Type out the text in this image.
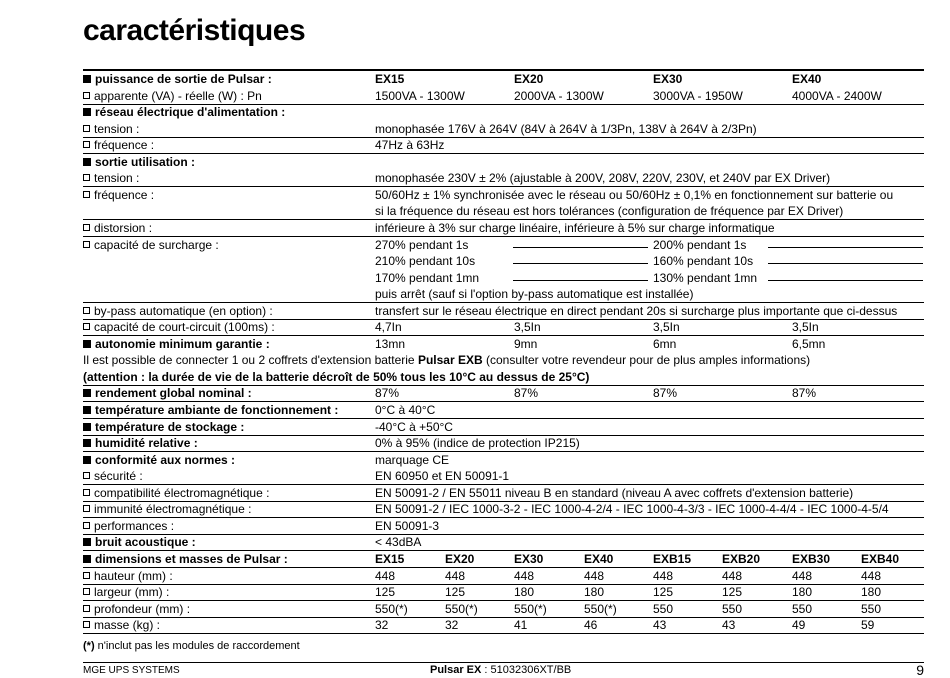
caractéristiques
puissance de sortie de Pulsar :	EX15	EX20	EX30	EX40
apparente (VA) - réelle (W) : Pn	1500VA - 1300W	2000VA - 1300W	3000VA - 1950W	4000VA - 2400W
réseau électrique d'alimentation :
tension :	monophasée 176V à 264V (84V à 264V à 1/3Pn, 138V à 264V à 2/3Pn)
fréquence :	47Hz à 63Hz
sortie utilisation :
tension :	monophasée 230V ± 2% (ajustable à 200V, 208V, 220V, 230V, et 240V par EX Driver)
fréquence :	50/60Hz ± 1% synchronisée avec le réseau ou 50/60Hz ± 0,1% en fonctionnement sur batterie ou
si la fréquence du réseau est hors tolérances (configuration de fréquence par EX Driver)
distorsion :	inférieure à 3% sur charge linéaire, inférieure à 5% sur charge informatique
capacité de surcharge :	270% pendant 1s	200% pendant 1s
210% pendant 10s	160% pendant 10s
170% pendant 1mn	130% pendant 1mn
puis arrêt (sauf si l'option by-pass automatique est installée)
by-pass automatique (en option) :	transfert sur le réseau électrique en direct pendant 20s si surcharge plus importante que ci-dessus
capacité de court-circuit (100ms) :	4,7In	3,5In	3,5In	3,5In
autonomie minimum garantie :	13mn	9mn	6mn	6,5mn
Il est possible de connecter 1 ou 2 coffrets d'extension batterie Pulsar EXB (consulter votre revendeur pour de plus amples informations)
(attention : la durée de vie de la batterie décroît de 50% tous les 10°C au dessus de 25°C)
rendement global nominal :	87%	87%	87%	87%
température ambiante de fonctionnement :	0°C à 40°C
température de stockage :	-40°C à +50°C
humidité relative :	0% à 95% (indice de protection IP215)
conformité aux normes :	marquage CE
sécurité :	EN 60950 et EN 50091-1
compatibilité électromagnétique :	EN 50091-2 / EN 55011 niveau B en standard (niveau A avec coffrets d'extension batterie)
immunité électromagnétique :	EN 50091-2 / IEC 1000-3-2 - IEC 1000-4-2/4 - IEC 1000-4-3/3 - IEC 1000-4-4/4 - IEC 1000-4-5/4
performances :	EN 50091-3
bruit acoustique :	< 43dBA
dimensions et masses de Pulsar :	EX15	EX20	EX30	EX40	EXB15	EXB20	EXB30	EXB40
hauteur (mm) :	448	448	448	448	448	448	448	448
largeur (mm) :	125	125	180	180	125	125	180	180
profondeur (mm) :	550(*)	550(*)	550(*)	550(*)	550	550	550	550
masse (kg) :	32	32	41	46	43	43	49	59
(*) n'inclut pas les modules de raccordement
MGE UPS SYSTEMS	Pulsar EX : 51032306XT/BB	9
